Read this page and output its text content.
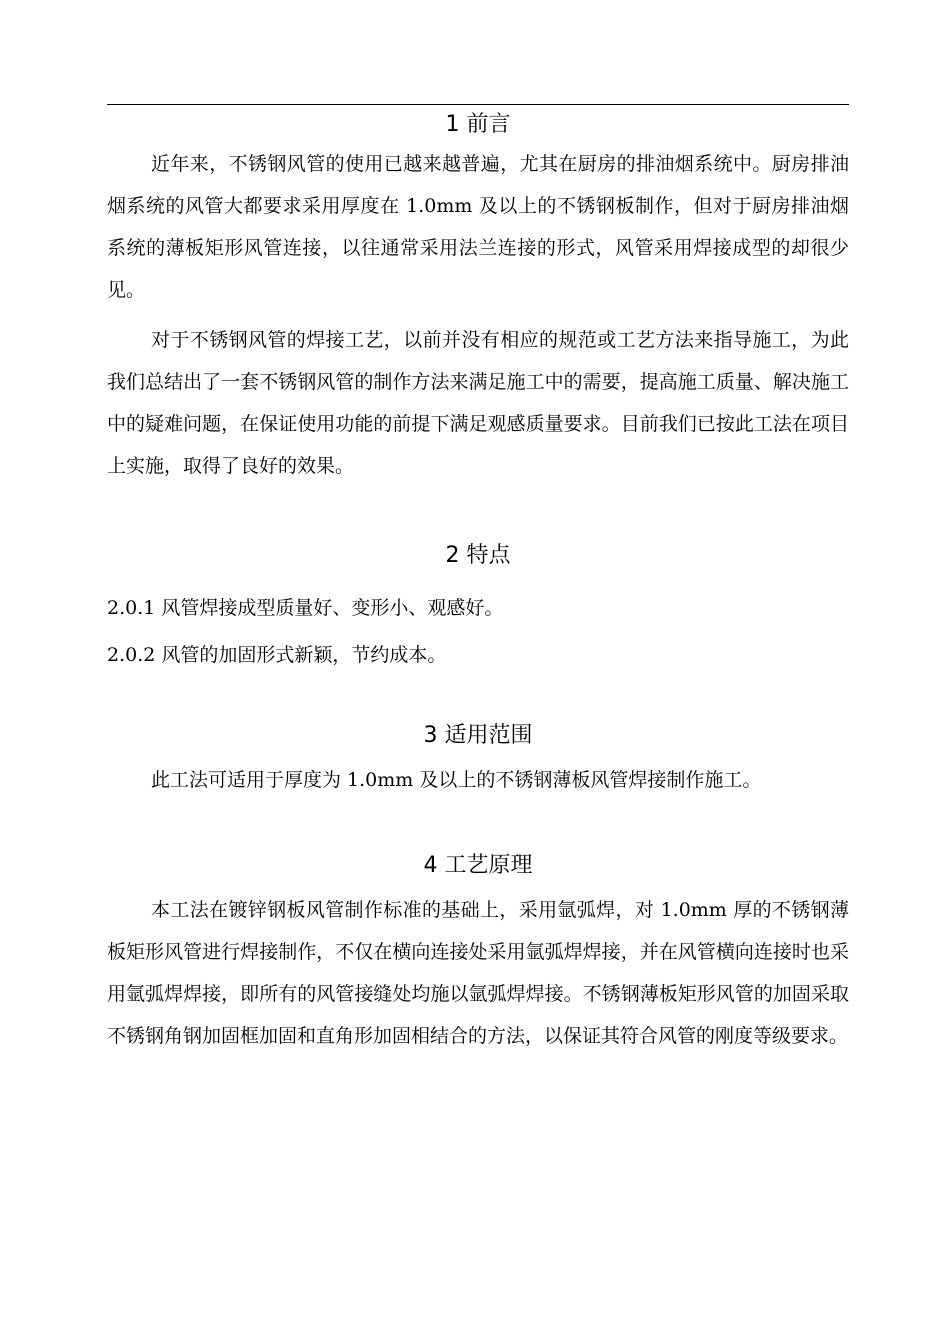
1 前言

近年来，不锈钢风管的使用已越来越普遍，尤其在厨房的排油烟系统中。厨房排油烟系统的风管大都要求采用厚度在 1.0mm 及以上的不锈钢板制作，但对于厨房排油烟系统的薄板矩形风管连接，以往通常采用法兰连接的形式，风管采用焊接成型的却很少见。

对于不锈钢风管的焊接工艺，以前并没有相应的规范或工艺方法来指导施工，为此我们总结出了一套不锈钢风管的制作方法来满足施工中的需要，提高施工质量、解决施工中的疑难问题，在保证使用功能的前提下满足观感质量要求。目前我们已按此工法在项目上实施，取得了良好的效果。

2 特点

2.0.1 风管焊接成型质量好、变形小、观感好。

2.0.2 风管的加固形式新颖，节约成本。

3 适用范围

此工法可适用于厚度为 1.0mm 及以上的不锈钢薄板风管焊接制作施工。

4 工艺原理

本工法在镀锌钢板风管制作标准的基础上，采用氩弧焊，对 1.0mm 厚的不锈钢薄板矩形风管进行焊接制作，不仅在横向连接处采用氩弧焊焊接，并在风管横向连接时也采用氩弧焊焊接，即所有的风管接缝处均施以氩弧焊焊接。不锈钢薄板矩形风管的加固采取不锈钢角钢加固框加固和直角形加固相结合的方法，以保证其符合风管的刚度等级要求。
